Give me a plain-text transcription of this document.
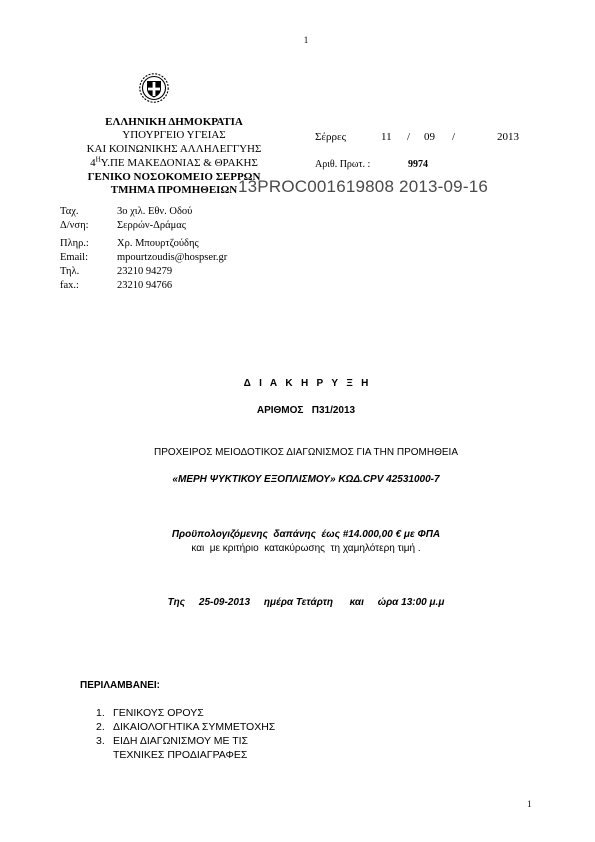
1
ΕΛΛΗΝΙΚΗ ΔΗΜΟΚΡΑΤΙΑ
ΥΠΟΥΡΓΕΙΟ ΥΓΕΙΑΣ
ΚΑΙ ΚΟΙΝΩΝΙΚΗΣ ΑΛΛΗΛΕΓΓΥΗΣ
$4^H\Upsilon.\Pi E$ ΜΑΚΕΔΟΝΙΑΣ & ΘΡΑΚΗΣ
ΓΕΝΙΚΟ ΝΟΣΟΚΟΜΕΙΟ ΣΕΡΡΩΝ
ΤΜΗΜΑ ΠΡΟΜΗΘΕΙΩΝ
Σέρρες	11 / 09 /	2013
Αριθ. Πρωτ. :	9974
13PROC001619808 2013-09-16
Ταχ.	3ο χιλ. Εθν. Οδού
Δ/νση:	Σερρών-Δράμας
Πληρ.:	Χρ. Μπουρτζούδης
Email:	mpourtzoudis@hospser.gr
Τηλ.	23210 94279
fax.:	23210 94766
Δ   Ι   Α   Κ   Η   Ρ   Υ   Ξ   Η
ΑΡΙΘΜΟΣ   Π31/2013
ΠΡΟΧΕΙΡΟΣ ΜΕΙΟΔΟΤΙΚΟΣ ΔΙΑΓΩΝΙΣΜΟΣ ΓΙΑ ΤΗΝ ΠΡΟΜΗΘΕΙΑ
«ΜΕΡΗ ΨΥΚΤΙΚΟΥ ΕΞΟΠΛΙΣΜΟΥ» ΚΩΔ.CPV 42531000-7
Προϋπολογιζόμενης  δαπάνης  έως #14.000,00 € με ΦΠΑ
και  με κριτήριο  κατακύρωσης  τη χαμηλότερη τιμή .
Της     25-09-2013     ημέρα Τετάρτη      και     ώρα 13:00 μ.μ
ΠΕΡΙΛΑΜΒΑΝΕΙ:
1. ΓΕΝΙΚΟΥΣ ΟΡΟΥΣ
2. ΔΙΚΑΙΟΛΟΓΗΤΙΚΑ ΣΥΜΜΕΤΟΧΗΣ
3. ΕΙΔΗ ΔΙΑΓΩΝΙΣΜΟΥ ΜΕ ΤΙΣ
ΤΕΧΝΙΚΕΣ ΠΡΟΔΙΑΓΡΑΦΕΣ
1
